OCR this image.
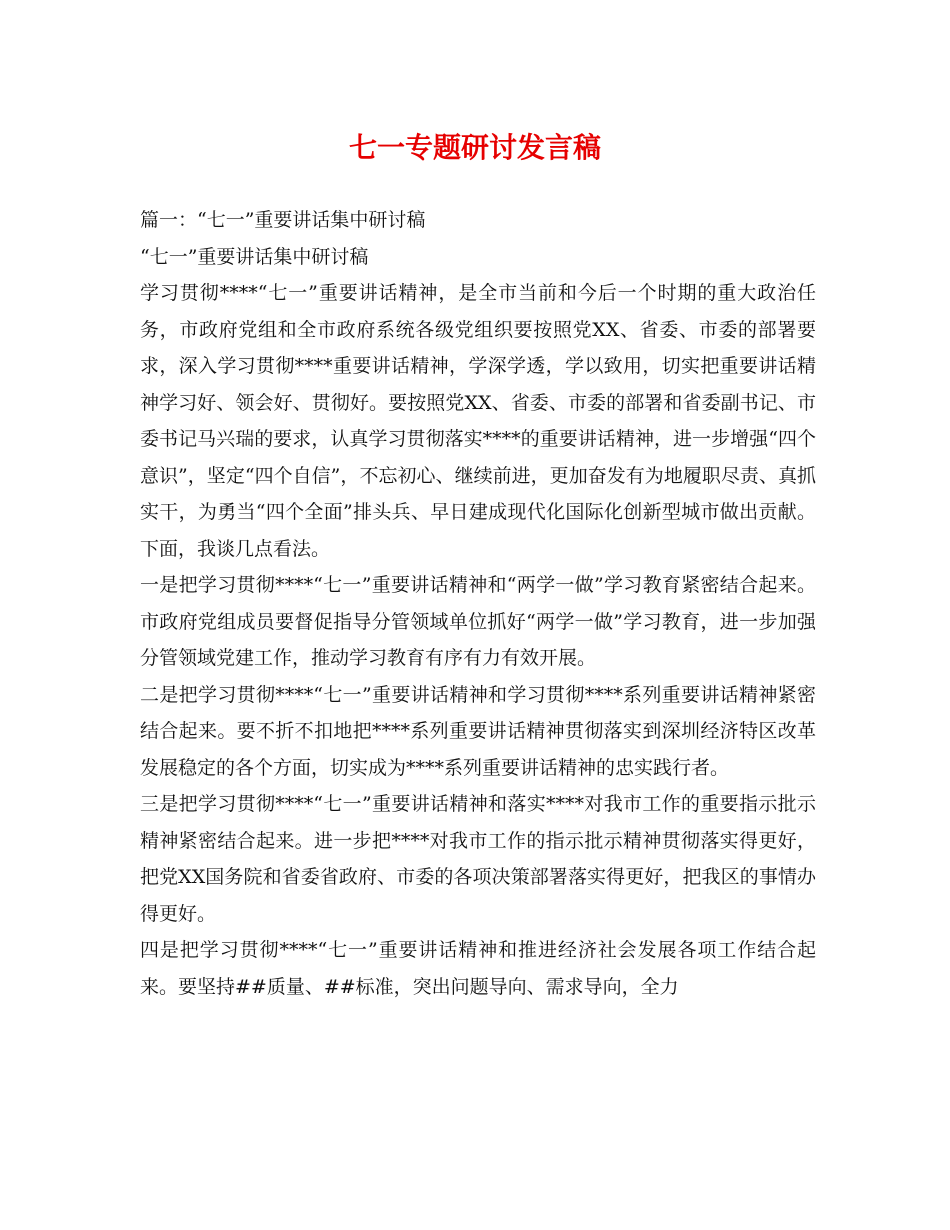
七一专题研讨发言稿

篇一：“七一”重要讲话集中研讨稿

“七一”重要讲话集中研讨稿

学习贯彻****“七一”重要讲话精神，是全市当前和今后一个时期的重大政治任务，市政府党组和全市政府系统各级党组织要按照党XX、省委、市委的部署要求，深入学习贯彻****重要讲话精神，学深学透，学以致用，切实把重要讲话精神学习好、领会好、贯彻好。要按照党XX、省委、市委的部署和省委副书记、市委书记马兴瑞的要求，认真学习贯彻落实****的重要讲话精神，进一步增强“四个意识”，坚定“四个自信”，不忘初心、继续前进，更加奋发有为地履职尽责、真抓实干，为勇当“四个全面”排头兵、早日建成现代化国际化创新型城市做出贡献。下面，我谈几点看法。

一是把学习贯彻****“七一”重要讲话精神和“两学一做”学习教育紧密结合起来。市政府党组成员要督促指导分管领域单位抓好“两学一做”学习教育，进一步加强分管领域党建工作，推动学习教育有序有力有效开展。

二是把学习贯彻****“七一”重要讲话精神和学习贯彻****系列重要讲话精神紧密结合起来。要不折不扣地把****系列重要讲话精神贯彻落实到深圳经济特区改革发展稳定的各个方面，切实成为****系列重要讲话精神的忠实践行者。

三是把学习贯彻****“七一”重要讲话精神和落实****对我市工作的重要指示批示精神紧密结合起来。进一步把****对我市工作的指示批示精神贯彻落实得更好，把党XX国务院和省委省政府、市委的各项决策部署落实得更好，把我区的事情办得更好。

四是把学习贯彻****“七一”重要讲话精神和推进经济社会发展各项工作结合起来。要坚持##质量、##标准，突出问题导向、需求导向，全力
